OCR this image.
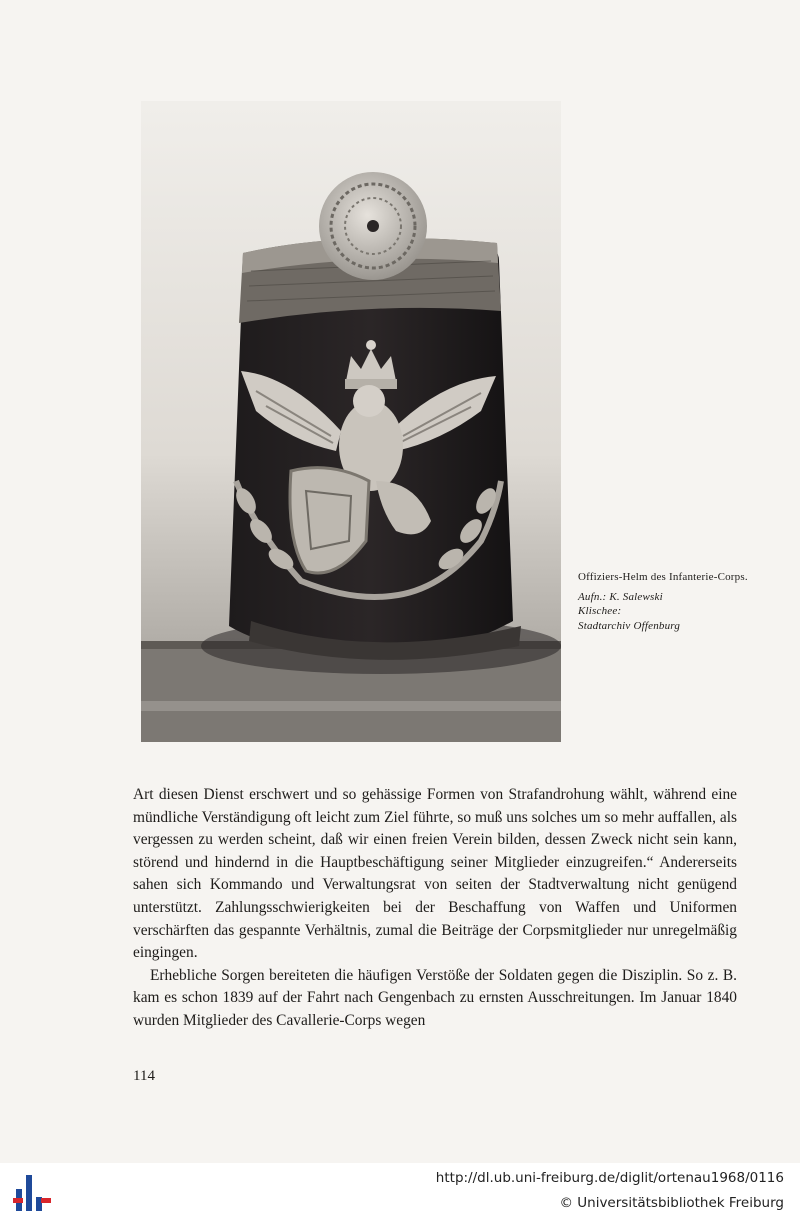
Offiziers-Helm des Infanterie-Corps.
Aufn.: K. Salewski
Klischee:
Stadtarchiv Offenburg

Art diesen Dienst erschwert und so gehässige Formen von Strafandrohung wählt, während eine mündliche Verständigung oft leicht zum Ziel führte, so muß uns solches um so mehr auffallen, als vergessen zu werden scheint, daß wir einen freien Verein bilden, dessen Zweck nicht sein kann, störend und hindernd in die Hauptbeschäftigung seiner Mitglieder einzugreifen.“ Andererseits sahen sich Kommando und Verwaltungsrat von seiten der Stadtverwaltung nicht genügend unterstützt. Zahlungsschwierigkeiten bei der Beschaffung von Waffen und Uniformen verschärften das gespannte Verhältnis, zumal die Beiträge der Corpsmitglieder nur unregelmäßig eingingen.

Erhebliche Sorgen bereiteten die häufigen Verstöße der Soldaten gegen die Disziplin. So z. B. kam es schon 1839 auf der Fahrt nach Gengenbach zu ernsten Ausschreitungen. Im Januar 1840 wurden Mitglieder des Cavallerie-Corps wegen

114
http://dl.ub.uni-freiburg.de/diglit/ortenau1968/0116
© Universitätsbibliothek Freiburg
